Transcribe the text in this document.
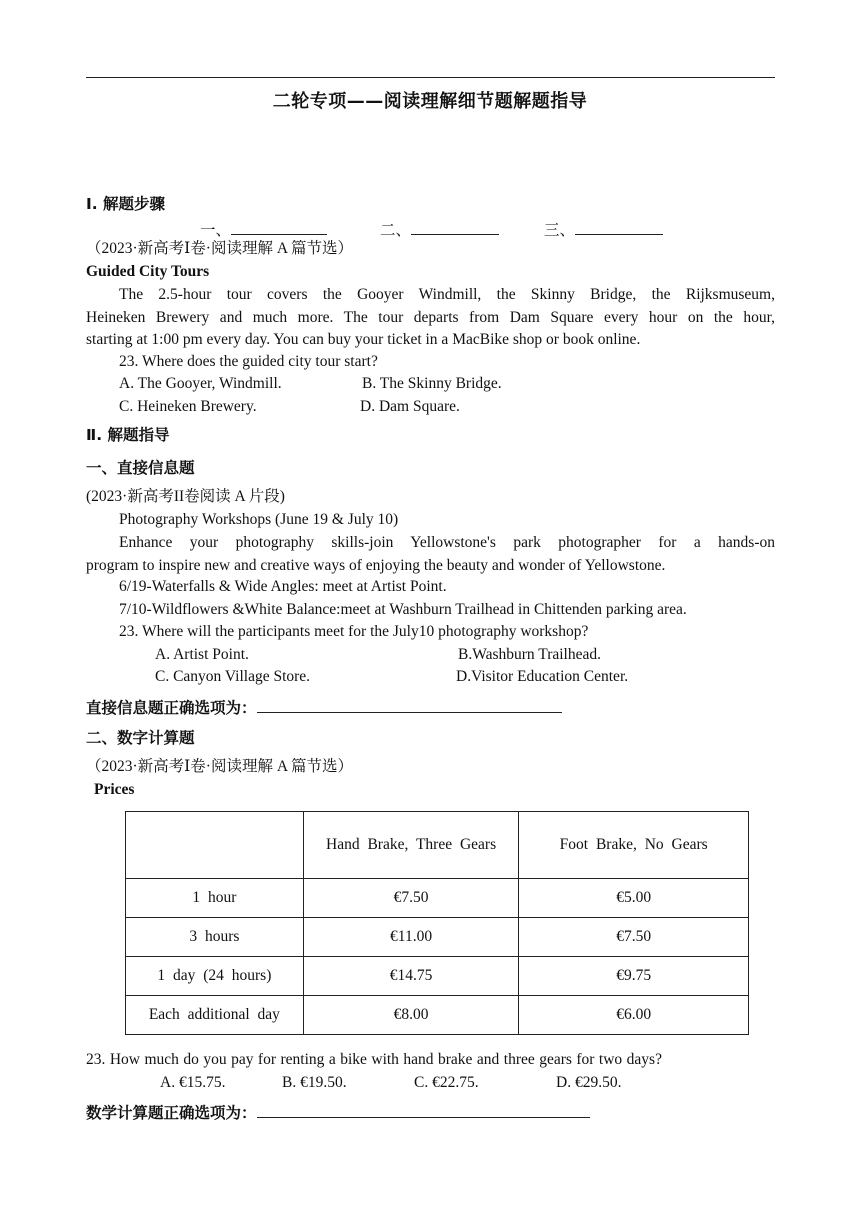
二轮专项——阅读理解细节题解题指导
Ⅰ. 解题步骤
一、	二、	三、
（2023·新高考Ⅰ卷·阅读理解 A 篇节选）
Guided City Tours
The 2.5-hour tour covers the Gooyer Windmill, the Skinny Bridge, the Rijksmuseum,
Heineken Brewery and much more. The tour departs from Dam Square every hour on the hour,
starting at 1:00 pm every day. You can buy your ticket in a MacBike shop or book online.
23. Where does the guided city tour start?
A. The Gooyer, Windmill.	B. The Skinny Bridge.
C. Heineken Brewery.	D. Dam Square.
Ⅱ. 解题指导
一、直接信息题
(2023·新高考II卷阅读 A 片段)
Photography Workshops (June 19 & July 10)
Enhance your photography skills-join Yellowstone's park photographer for a hands-on
program to inspire new and creative ways of enjoying the beauty and wonder of Yellowstone.
6/19-Waterfalls & Wide Angles: meet at Artist Point.
7/10-Wildflowers &White Balance:meet at Washburn Trailhead in Chittenden parking area.
23. Where will the participants meet for the July10 photography workshop?
A. Artist Point.	B.Washburn Trailhead.
C. Canyon Village Store.	D.Visitor Education Center.
直接信息题正确选项为：
二、数字计算题
（2023·新高考Ⅰ卷·阅读理解 A 篇节选）
Prices
	Hand Brake, Three Gears	Foot Brake, No Gears
1 hour	€7.50	€5.00
3 hours	€11.00	€7.50
1 day (24 hours)	€14.75	€9.75
Each additional day	€8.00	€6.00
23. How much do you pay for renting a bike with hand brake and three gears for two days?
A. €15.75.	B. €19.50.	C. €22.75.	D. €29.50.
数学计算题正确选项为：
